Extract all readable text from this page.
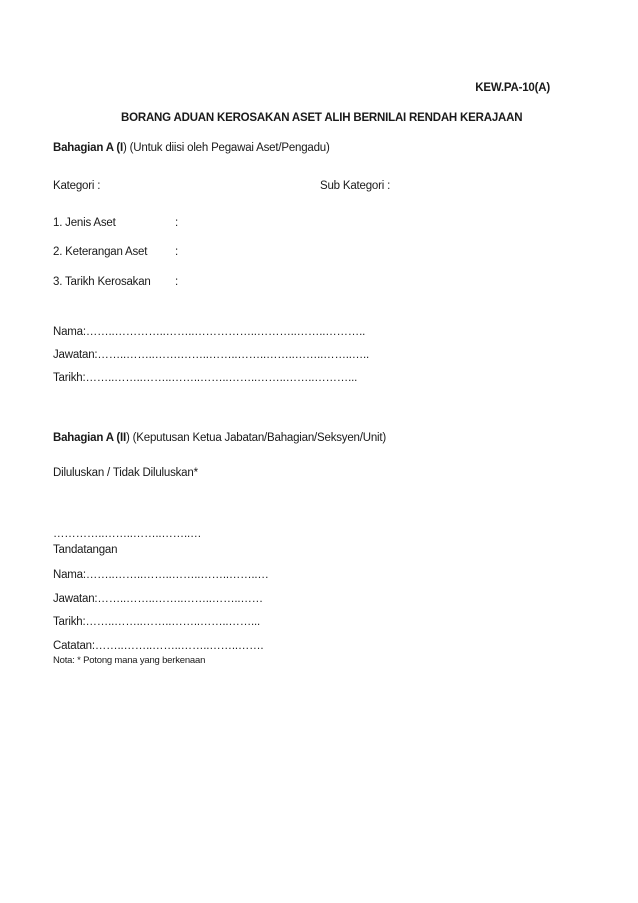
KEW.PA-10(A)
BORANG ADUAN KEROSAKAN ASET ALIH BERNILAI RENDAH KERAJAAN
Bahagian A (I) (Untuk diisi oleh Pegawai Aset/Pengadu)
Kategori :	Sub Kategori :
1. Jenis Aset	:
2. Keterangan Aset :
3. Tarikh Kerosakan :
Nama:……..…………..……..……………..………..……..………..
Jawatan:……..……..…….……..……..……..……..……..……..…..
Tarikh:……..……..……..……..……..……..……..……..………...
Bahagian A (II) (Keputusan Ketua Jabatan/Bahagian/Seksyen/Unit)
Diluluskan / Tidak Diluluskan*
…………..……..……..……..…
Tandatangan
Nama:……..……..……..……..……..……..…
Jawatan:……..……..……..……..……..……
Tarikh:……..……..……..……..……..……...
Catatan:……..……..……..……..……..…….
Nota: * Potong mana yang berkenaan
